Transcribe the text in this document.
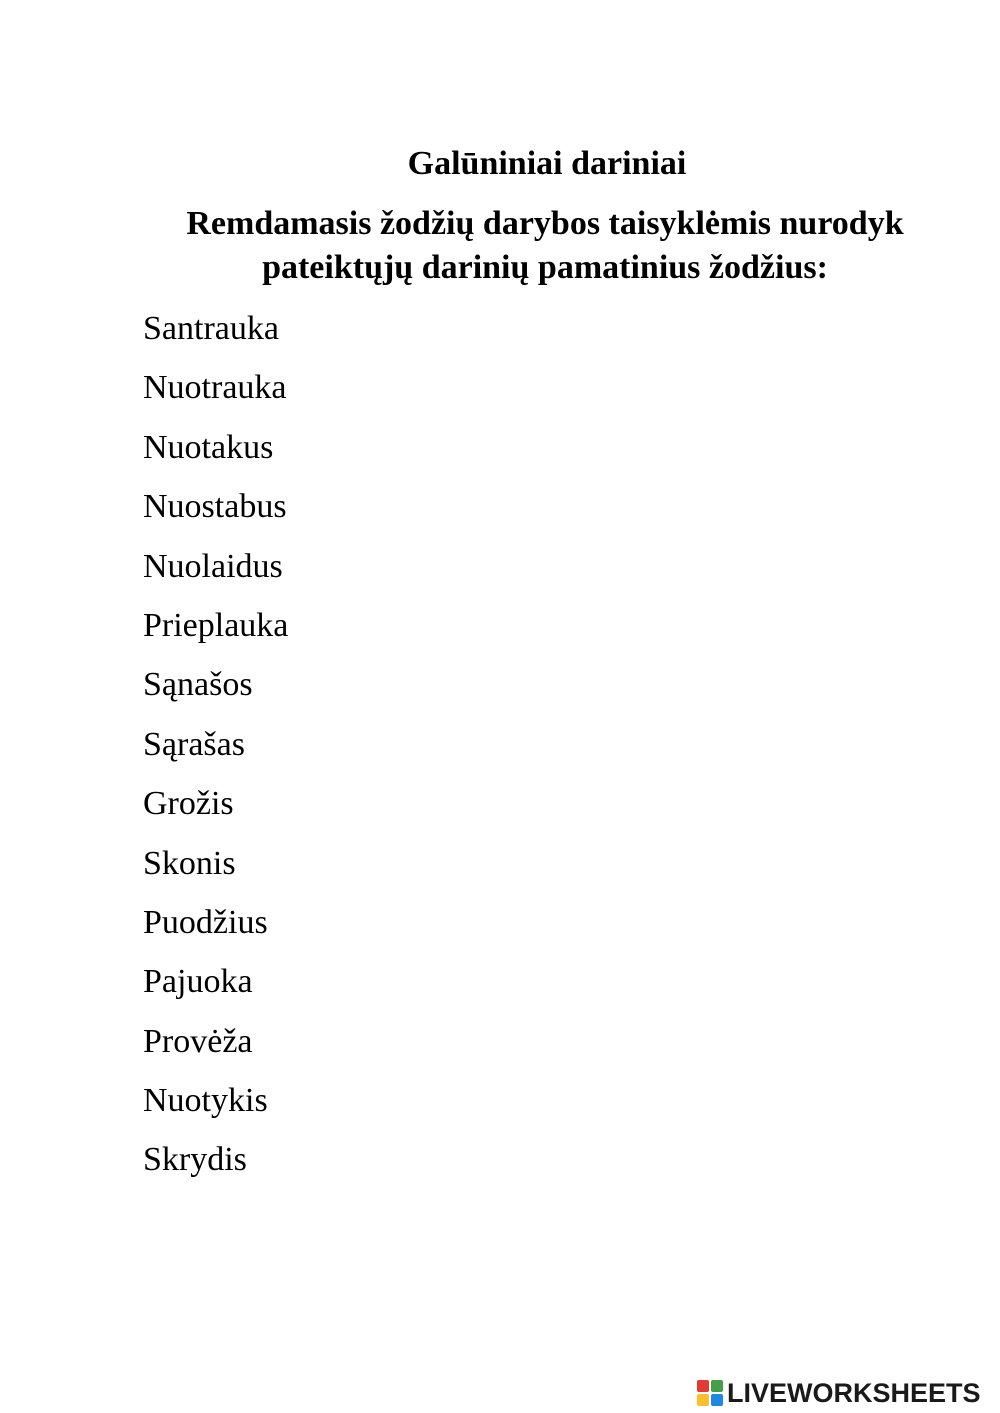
Galūniniai dariniai
Remdamasis žodžių darybos taisyklėmis nurodyk
pateiktųjų darinių pamatinius žodžius:
Santrauka
Nuotrauka
Nuotakus
Nuostabus
Nuolaidus
Prieplauka
Sąnašos
Sąrašas
Grožis
Skonis
Puodžius
Pajuoka
Provėža
Nuotykis
Skrydis
LIVEWORKSHEETS
